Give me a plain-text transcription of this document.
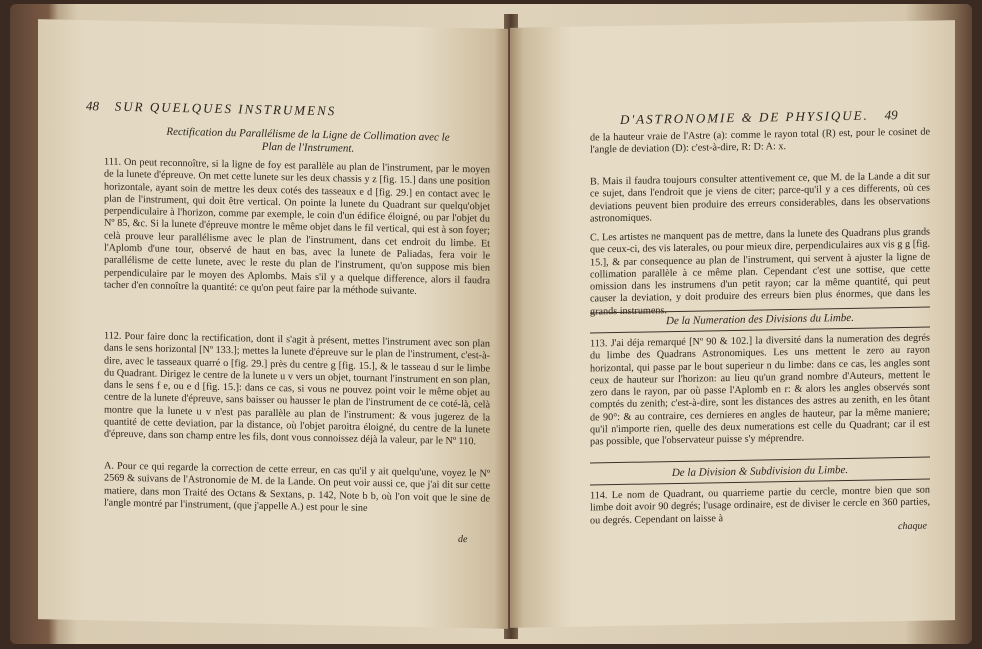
48 SUR QUELQUES INSTRUMENS
Rectification du Parallélisme de la Ligne de Collimation avec le Plan de l'Instrument.

111. On peut reconnoître, si la ligne de foy est parallèle au plan de l'instrument, par le moyen de la lunete d'épreuve. On met cette lunete sur les deux chassis y z [fig. 15.] dans une position horizontale, ayant soin de mettre les deux cotés des tasseaux e d [fig. 29.] en contact avec le plan de l'instrument, qui doit être vertical. On pointe la lunete du Quadrant sur quelqu'objet perpendiculaire à l'horizon, comme par exemple, le coin d'un édifice éloigné, ou par l'objet du Nº 85, &c. Si la lunete d'épreuve montre le même objet dans le fil vertical, qui est à son foyer; celà prouve leur parallélisme avec le plan de l'instrument, dans cet endroit du limbe. Et l'Aplomb d'une tour, observé de haut en bas, avec la lunete de Paliadas, fera voir le parallélisme de cette lunete, avec le reste du plan de l'instrument, qu'on suppose mis bien perpendiculaire par le moyen des Aplombs. Mais s'il y a quelque difference, alors il faudra tacher d'en connoître la quantité: ce qu'on peut faire par la méthode suivante.

112. Pour faire donc la rectification, dont il s'agit à présent, mettes l'instrument avec son plan dans le sens horizontal [Nº 133.]; mettes la lunete d'épreuve sur le plan de l'instrument, c'est-à-dire, avec le tasseaux quarré o [fig. 29.] près du centre g [fig. 15.], & le tasseau d sur le limbe du Quadrant. Dirigez le centre de la lunete u v vers un objet, tournant l'instrument en son plan, dans le sens f e, ou e d [fig. 15.]: dans ce cas, si vous ne pouvez point voir le même objet au centre de la lunete d'épreuve, sans baisser ou hausser le plan de l'instrument de ce coté-là, celà montre que la lunete u v n'est pas parallèle au plan de l'instrument: & vous jugerez de la quantité de cette deviation, par la distance, où l'objet paroitra éloigné, du centre de la lunete d'épreuve, dans son champ entre les fils, dont vous connoissez déjà la valeur, par le Nº 110.

A. Pour ce qui regarde la correction de cette erreur, en cas qu'il y ait quelqu'une, voyez le Nº 2569 & suivans de l'Astronomie de M. de la Lande. On peut voir aussi ce, que j'ai dit sur cette matiere, dans mon Traité des Octans & Sextans, p. 142, Note b b, où l'on voit que le sine de l'angle montré par l'instrument, (que j'appelle A.) est pour le sine

de
D'ASTRONOMIE & DE PHYSIQUE. 49

de la hauteur vraie de l'Astre (a): comme le rayon total (R) est, pour le cosinet de l'angle de deviation (D): c'est-à-dire, R: D: A: x.

B. Mais il faudra toujours consulter attentivement ce, que M. de la Lande a dit sur ce sujet, dans l'endroit que je viens de citer; parce-qu'il y a ces differents, où ces deviations peuvent bien produire des erreurs considerables, dans les observations astronomiques.

C. Les artistes ne manquent pas de mettre, dans la lunete des Quadrans plus grands que ceux-ci, des vis laterales, ou pour mieux dire, perpendiculaires aux vis g g [fig. 15.], & par consequence au plan de l'instrument, qui servent à ajuster la ligne de collimation parallèle à ce même plan. Cependant c'est une sottise, que cette omission dans les instrumens d'un petit rayon; car la même quantité, qui peut causer la deviation, y doit produire des erreurs bien plus énormes, que dans les grands instrumens.

De la Numeration des Divisions du Limbe.

113. J'ai déja remarqué [Nº 90 & 102.] la diversité dans la numeration des degrés du limbe des Quadrans Astronomiques. Les uns mettent le zero au rayon horizontal, qui passe par le bout superieur n du limbe: dans ce cas, les angles sont ceux de hauteur sur l'horizon: au lieu qu'un grand nombre d'Auteurs, mettent le zero dans le rayon, par où passe l'Aplomb en r: & alors les angles observés sont comptés du zenith; c'est-à-dire, sont les distances des astres au zenith, en les ôtant de 90°: & au contraire, ces dernieres en angles de hauteur, par la même maniere; qu'il n'importe rien, quelle des deux numerations est celle du Quadrant; car il est pas possible, que l'observateur puisse s'y méprendre.

De la Division & Subdivision du Limbe.

114. Le nom de Quadrant, ou quarrieme partie du cercle, montre bien que son limbe doit avoir 90 degrés; l'usage ordinaire, est de diviser le cercle en 360 parties, ou degrés. Cependant on laisse à

chaque
